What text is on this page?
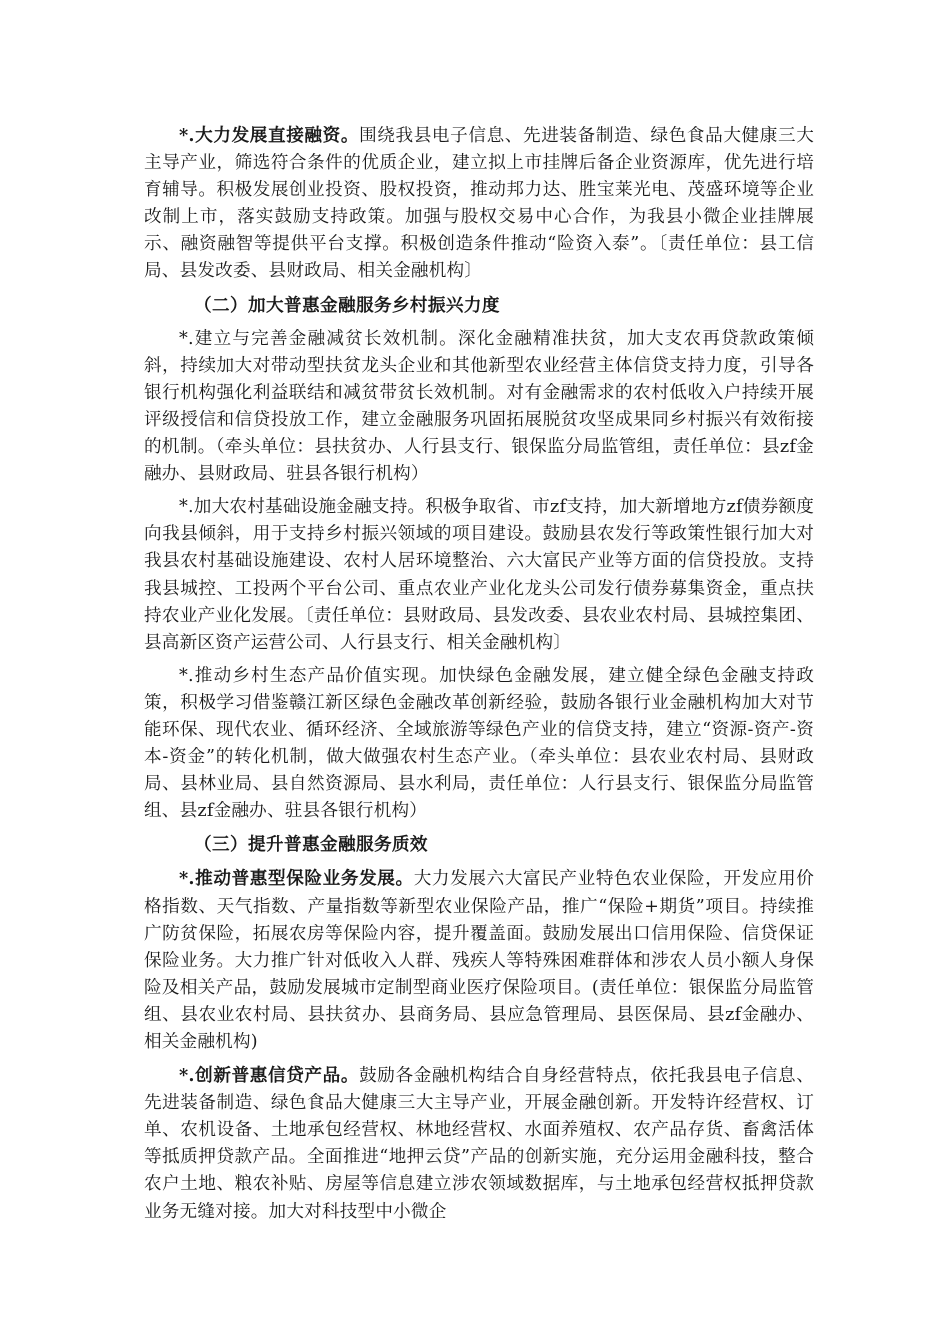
*.大力发展直接融资。围绕我县电子信息、先进装备制造、绿色食品大健康三大主导产业，筛选符合条件的优质企业，建立拟上市挂牌后备企业资源库，优先进行培育辅导。积极发展创业投资、股权投资，推动邦力达、胜宝莱光电、茂盛环境等企业改制上市，落实鼓励支持政策。加强与股权交易中心合作，为我县小微企业挂牌展示、融资融智等提供平台支撑。积极创造条件推动“险资入泰”。〔责任单位：县工信局、县发改委、县财政局、相关金融机构〕

（二）加大普惠金融服务乡村振兴力度

*.建立与完善金融减贫长效机制。深化金融精准扶贫，加大支农再贷款政策倾斜，持续加大对带动型扶贫龙头企业和其他新型农业经营主体信贷支持力度，引导各银行机构强化利益联结和减贫带贫长效机制。对有金融需求的农村低收入户持续开展评级授信和信贷投放工作，建立金融服务巩固拓展脱贫攻坚成果同乡村振兴有效衔接的机制。（牵头单位：县扶贫办、人行县支行、银保监分局监管组，责任单位：县zf金融办、县财政局、驻县各银行机构）

*.加大农村基础设施金融支持。积极争取省、市zf支持，加大新增地方zf债券额度向我县倾斜，用于支持乡村振兴领域的项目建设。鼓励县农发行等政策性银行加大对我县农村基础设施建设、农村人居环境整治、六大富民产业等方面的信贷投放。支持我县城控、工投两个平台公司、重点农业产业化龙头公司发行债券募集资金，重点扶持农业产业化发展。〔责任单位：县财政局、县发改委、县农业农村局、县城控集团、县高新区资产运营公司、人行县支行、相关金融机构〕

*.推动乡村生态产品价值实现。加快绿色金融发展，建立健全绿色金融支持政策，积极学习借鉴赣江新区绿色金融改革创新经验，鼓励各银行业金融机构加大对节能环保、现代农业、循环经济、全域旅游等绿色产业的信贷支持，建立“资源-资产-资本-资金”的转化机制，做大做强农村生态产业。（牵头单位：县农业农村局、县财政局、县林业局、县自然资源局、县水利局，责任单位：人行县支行、银保监分局监管组、县zf金融办、驻县各银行机构）

（三）提升普惠金融服务质效

*.推动普惠型保险业务发展。大力发展六大富民产业特色农业保险，开发应用价格指数、天气指数、产量指数等新型农业保险产品，推广“保险+期货”项目。持续推广防贫保险，拓展农房等保险内容，提升覆盖面。鼓励发展出口信用保险、信贷保证保险业务。大力推广针对低收入人群、残疾人等特殊困难群体和涉农人员小额人身保险及相关产品，鼓励发展城市定制型商业医疗保险项目。(责任单位：银保监分局监管组、县农业农村局、县扶贫办、县商务局、县应急管理局、县医保局、县zf金融办、相关金融机构)

*.创新普惠信贷产品。鼓励各金融机构结合自身经营特点，依托我县电子信息、先进装备制造、绿色食品大健康三大主导产业，开展金融创新。开发特许经营权、订单、农机设备、土地承包经营权、林地经营权、水面养殖权、农产品存货、畜禽活体等抵质押贷款产品。全面推进“地押云贷”产品的创新实施，充分运用金融科技，整合农户土地、粮农补贴、房屋等信息建立涉农领域数据库，与土地承包经营权抵押贷款业务无缝对接。加大对科技型中小微企
